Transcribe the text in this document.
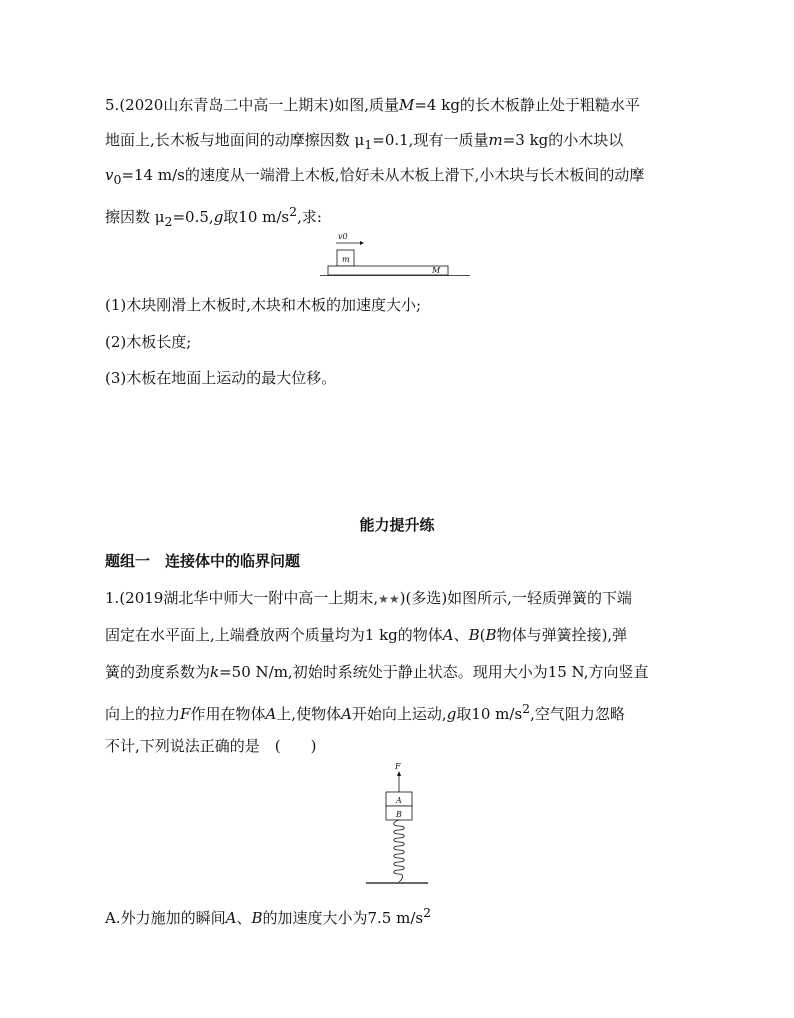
5.(2020山东青岛二中高一上期末)如图,质量M=4 kg的长木板静止处于粗糙水平
地面上,长木板与地面间的动摩擦因数 $\mu_1=0.1$,现有一质量m=3 kg的小木块以
$v_0=14$ m/s的速度从一端滑上木板,恰好未从木板上滑下,小木块与长木板间的动摩
擦因数 $\mu_2=0.5,g$取10 $m/s^2$,求:
v0
m
M
(1)木块刚滑上木板时,木块和木板的加速度大小;
(2)木板长度;
(3)木板在地面上运动的最大位移。
能力提升练
题组一　连接体中的临界问题
1.(2019湖北华中师大一附中高一上期末,★★)(多选)如图所示,一轻质弹簧的下端
固定在水平面上,上端叠放两个质量均为1 kg的物体A、B(B物体与弹簧拴接),弹
簧的劲度系数为k=50 N/m,初始时系统处于静止状态。现用大小为15 N,方向竖直
向上的拉力F作用在物体A上,使物体A开始向上运动,g取10 $m/s^2$,空气阻力忽略
不计,下列说法正确的是　(　　)
F
A
B
A.外力施加的瞬间A、B的加速度大小为7.5 $m/s^2$
